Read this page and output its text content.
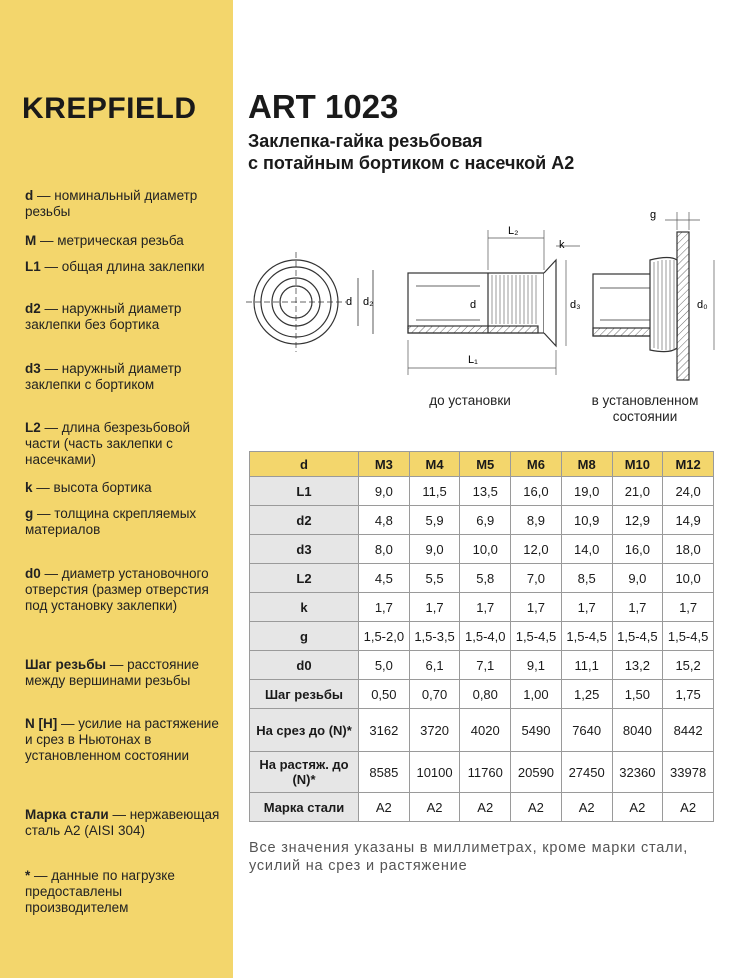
KREPFIELD
d — номинальный диаметр резьбы
M — метрическая резьба
L1 — общая длина заклепки
d2 — наружный диаметр заклепки без бортика
d3 — наружный диаметр заклепки с бортиком
L2 — длина безрезьбовой части (часть заклепки с насечками)
k — высота бортика
g — толщина скрепляемых материалов
d0 — диаметр установочного отверстия (размер отверстия под установку заклепки)
Шаг резьбы — расстояние между вершинами резьбы
N [Н] — усилие на растяжение и срез в Ньютонах в установленном состоянии
Марка стали — нержавеющая сталь А2 (AISI 304)
* — данные по нагрузке предоставлены производителем
ART 1023
Заклепка-гайка резьбовая
с потайным бортиком с насечкой А2
d d₂
L₂
k
d	d₃
L₁
g
d₀
до установки	в установленном
состоянии
d	M3	M4	M5	M6	M8	M10	M12
L1	9,0	11,5	13,5	16,0	19,0	21,0	24,0
d2	4,8	5,9	6,9	8,9	10,9	12,9	14,9
d3	8,0	9,0	10,0	12,0	14,0	16,0	18,0
L2	4,5	5,5	5,8	7,0	8,5	9,0	10,0
k	1,7	1,7	1,7	1,7	1,7	1,7	1,7
g	1,5-2,0	1,5-3,5	1,5-4,0	1,5-4,5	1,5-4,5	1,5-4,5	1,5-4,5
d0	5,0	6,1	7,1	9,1	11,1	13,2	15,2
Шаг резьбы	0,50	0,70	0,80	1,00	1,25	1,50	1,75
На срез до (N)*	3162	3720	4020	5490	7640	8040	8442
На растяж. до (N)*	8585	10100	11760	20590	27450	32360	33978
Марка стали	A2	A2	A2	A2	A2	A2	A2
Все значения указаны в миллиметрах, кроме марки стали, усилий на срез и растяжение
